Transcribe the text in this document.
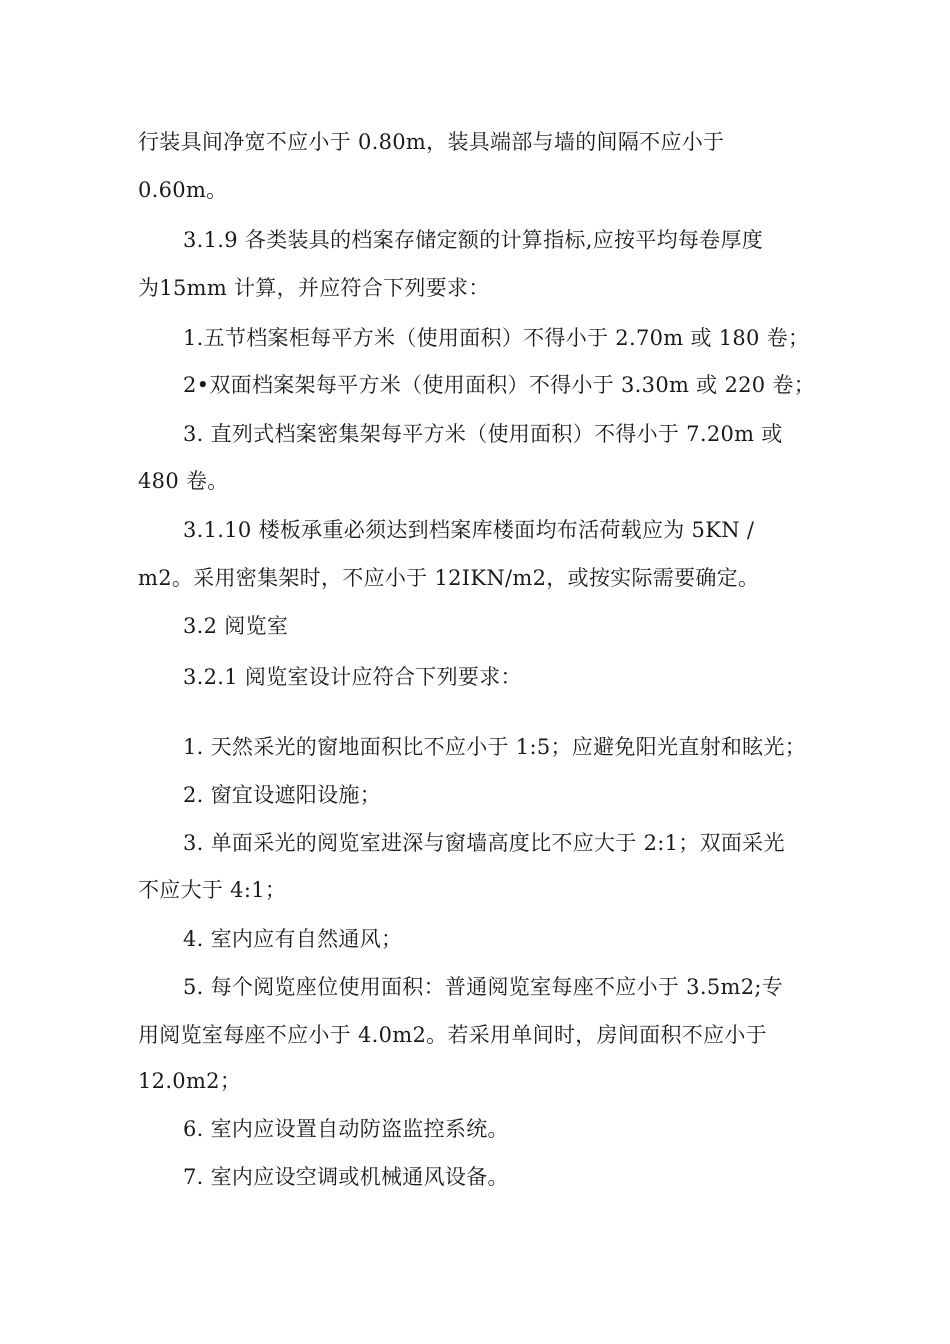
行装具间净宽不应小于 0.80m，装具端部与墙的间隔不应小于
0.60m。
3.1.9 各类装具的档案存储定额的计算指标,应按平均每卷厚度
为15mm 计算，并应符合下列要求：
1.五节档案柜每平方米（使用面积）不得小于 2.70m 或 180 卷；
2•双面档案架每平方米（使用面积）不得小于 3.30m 或 220 卷；
3. 直列式档案密集架每平方米（使用面积）不得小于 7.20m 或
480 卷。
3.1.10 楼板承重必须达到档案库楼面均布活荷载应为 5KN /
m2。采用密集架时，不应小于 12IKN/m2，或按实际需要确定。
3.2 阅览室
3.2.1 阅览室设计应符合下列要求：
1. 天然采光的窗地面积比不应小于 1:5；应避免阳光直射和眩光；
2. 窗宜设遮阳设施；
3. 单面采光的阅览室进深与窗墙高度比不应大于 2:1；双面采光
不应大于 4:1；
4. 室内应有自然通风；
5. 每个阅览座位使用面积：普通阅览室每座不应小于 3.5m2;专
用阅览室每座不应小于 4.0m2。若采用单间时，房间面积不应小于
12.0m2；
6. 室内应设置自动防盗监控系统。
7. 室内应设空调或机械通风设备。
